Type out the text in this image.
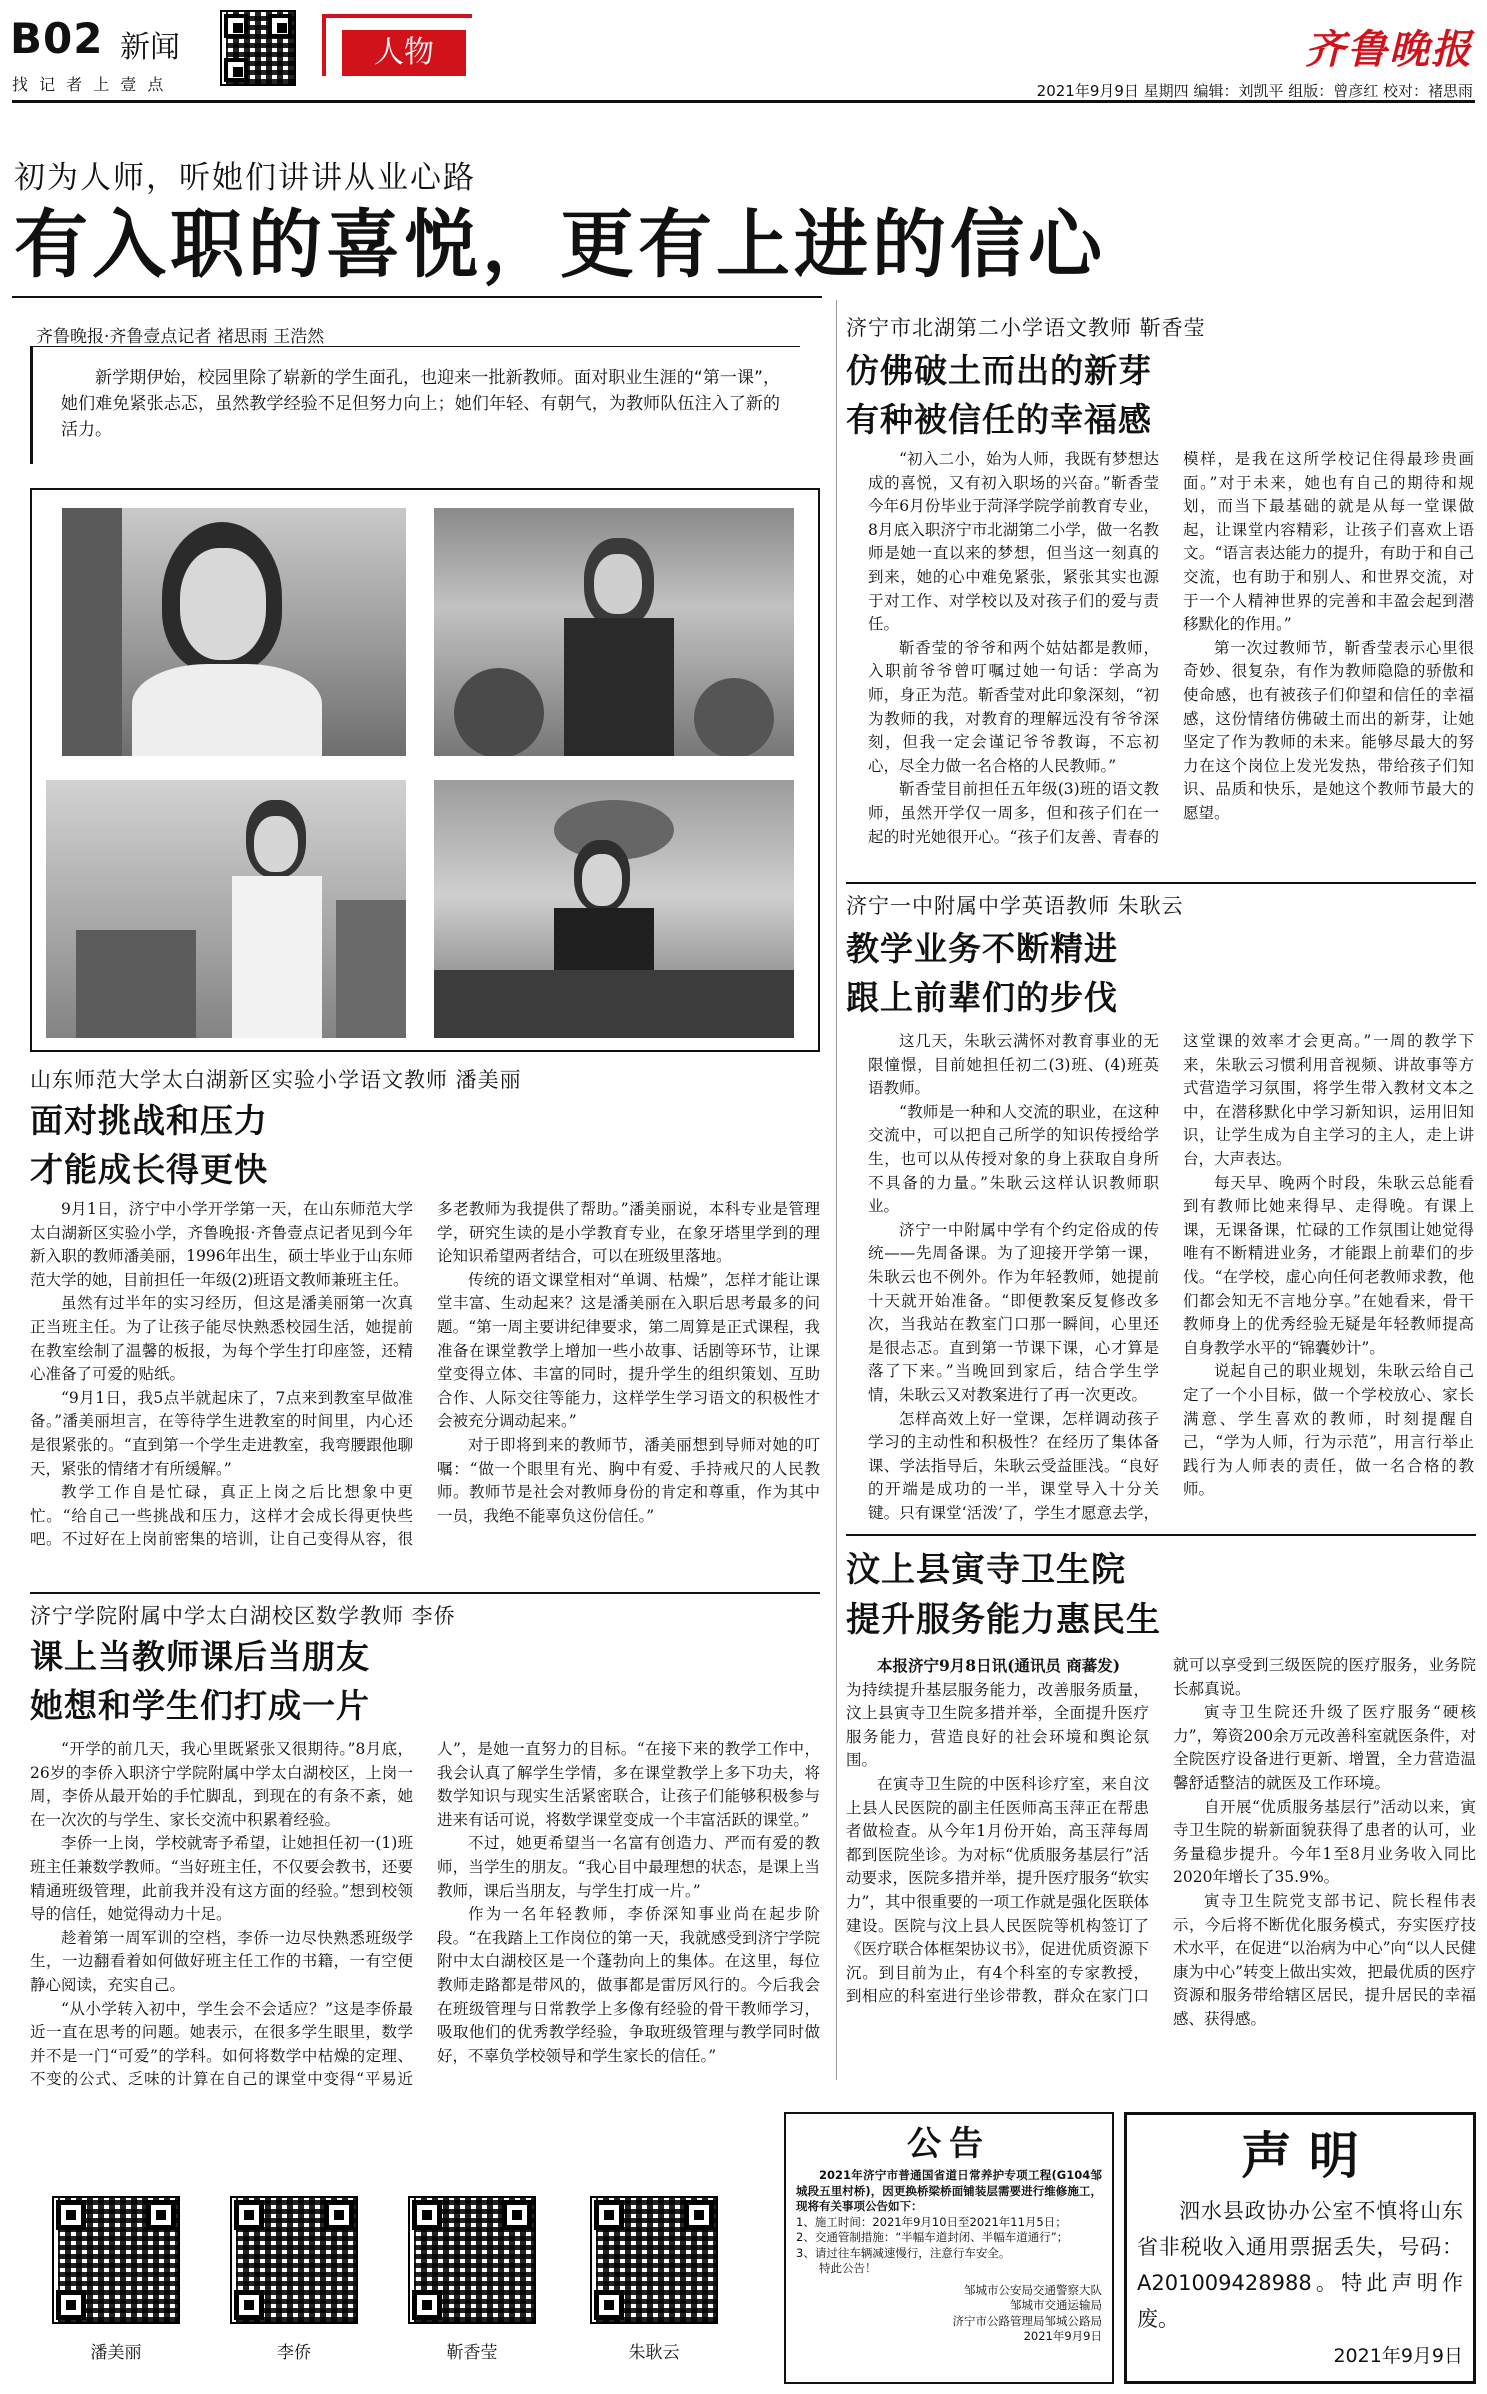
B02 新闻
找 记 者 上 壹 点
人物	齐鲁晚报
2021年9月9日 星期四 编辑：刘凯平 组版：曾彦红 校对：褚思雨
初为人师，听她们讲讲从业心路
有入职的喜悦，更有上进的信心
齐鲁晚报·齐鲁壹点记者 褚思雨 王浩然
新学期伊始，校园里除了崭新的学生面孔，也迎来一批新教师。面对职业生涯的“第一课”，她们难免紧张忐忑，虽然教学经验不足但努力向上；她们年轻、有朝气，为教师队伍注入了新的活力。
山东师范大学太白湖新区实验小学语文教师 潘美丽
面对挑战和压力
才能成长得更快

9月1日，济宁中小学开学第一天，在山东师范大学太白湖新区实验小学，齐鲁晚报·齐鲁壹点记者见到今年新入职的教师潘美丽，1996年出生，硕士毕业于山东师范大学的她，目前担任一年级(2)班语文教师兼班主任。

虽然有过半年的实习经历，但这是潘美丽第一次真正当班主任。为了让孩子能尽快熟悉校园生活，她提前在教室绘制了温馨的板报，为每个学生打印座签，还精心准备了可爱的贴纸。

“9月1日，我5点半就起床了，7点来到教室早做准备。”潘美丽坦言，在等待学生进教室的时间里，内心还是很紧张的。“直到第一个学生走进教室，我弯腰跟他聊天，紧张的情绪才有所缓解。”

教学工作自是忙碌，真正上岗之后比想象中更忙。“给自己一些挑战和压力，这样才会成长得更快些吧。不过好在上岗前密集的培训，让自己变得从容，很多老教师为我提供了帮助。”潘美丽说，本科专业是管理学，研究生读的是小学教育专业，在象牙塔里学到的理论知识希望两者结合，可以在班级里落地。

传统的语文课堂相对“单调、枯燥”，怎样才能让课堂丰富、生动起来？这是潘美丽在入职后思考最多的问题。“第一周主要讲纪律要求，第二周算是正式课程，我准备在课堂教学上增加一些小故事、话剧等环节，让课堂变得立体、丰富的同时，提升学生的组织策划、互助合作、人际交往等能力，这样学生学习语文的积极性才会被充分调动起来。”

对于即将到来的教师节，潘美丽想到导师对她的叮嘱：“做一个眼里有光、胸中有爱、手持戒尺的人民教师。教师节是社会对教师身份的肯定和尊重，作为其中一员，我绝不能辜负这份信任。”

济宁学院附属中学太白湖校区数学教师 李侨
课上当教师课后当朋友
她想和学生们打成一片

“开学的前几天，我心里既紧张又很期待。”8月底，26岁的李侨入职济宁学院附属中学太白湖校区，上岗一周，李侨从最开始的手忙脚乱，到现在的有条不紊，她在一次次的与学生、家长交流中积累着经验。

李侨一上岗，学校就寄予希望，让她担任初一(1)班班主任兼数学教师。“当好班主任，不仅要会教书，还要精通班级管理，此前我并没有这方面的经验。”想到校领导的信任，她觉得动力十足。

趁着第一周军训的空档，李侨一边尽快熟悉班级学生，一边翻看着如何做好班主任工作的书籍，一有空便静心阅读，充实自己。

“从小学转入初中，学生会不会适应？”这是李侨最近一直在思考的问题。她表示，在很多学生眼里，数学并不是一门“可爱”的学科。如何将数学中枯燥的定理、不变的公式、乏味的计算在自己的课堂中变得“平易近人”，是她一直努力的目标。“在接下来的教学工作中，我会认真了解学生学情，多在课堂教学上多下功夫，将数学知识与现实生活紧密联合，让孩子们能够积极参与进来有话可说，将数学课堂变成一个丰富活跃的课堂。”

不过，她更希望当一名富有创造力、严而有爱的教师，当学生的朋友。“我心目中最理想的状态，是课上当教师，课后当朋友，与学生打成一片。”

作为一名年轻教师，李侨深知事业尚在起步阶段。“在我踏上工作岗位的第一天，我就感受到济宁学院附中太白湖校区是一个蓬勃向上的集体。在这里，每位教师走路都是带风的，做事都是雷厉风行的。今后我会在班级管理与日常教学上多像有经验的骨干教师学习，吸取他们的优秀教学经验，争取班级管理与教学同时做好，不辜负学校领导和学生家长的信任。”

济宁市北湖第二小学语文教师 靳香莹
仿佛破土而出的新芽
有种被信任的幸福感

“初入二小，始为人师，我既有梦想达成的喜悦，又有初入职场的兴奋。”靳香莹今年6月份毕业于菏泽学院学前教育专业，8月底入职济宁市北湖第二小学，做一名教师是她一直以来的梦想，但当这一刻真的到来，她的心中难免紧张，紧张其实也源于对工作、对学校以及对孩子们的爱与责任。

靳香莹的爷爷和两个姑姑都是教师，入职前爷爷曾叮嘱过她一句话：学高为师，身正为范。靳香莹对此印象深刻，“初为教师的我，对教育的理解远没有爷爷深刻，但我一定会谨记爷爷教诲，不忘初心，尽全力做一名合格的人民教师。”

靳香莹目前担任五年级(3)班的语文教师，虽然开学仅一周多，但和孩子们在一起的时光她很开心。“孩子们友善、青春的模样，是我在这所学校记住得最珍贵画面。”对于未来，她也有自己的期待和规划，而当下最基础的就是从每一堂课做起，让课堂内容精彩，让孩子们喜欢上语文。“语言表达能力的提升，有助于和自己交流，也有助于和别人、和世界交流，对于一个人精神世界的完善和丰盈会起到潜移默化的作用。”

第一次过教师节，靳香莹表示心里很奇妙、很复杂，有作为教师隐隐的骄傲和使命感，也有被孩子们仰望和信任的幸福感，这份情绪仿佛破土而出的新芽，让她坚定了作为教师的未来。能够尽最大的努力在这个岗位上发光发热，带给孩子们知识、品质和快乐，是她这个教师节最大的愿望。

济宁一中附属中学英语教师 朱耿云
教学业务不断精进
跟上前辈们的步伐

这几天，朱耿云满怀对教育事业的无限憧憬，目前她担任初二(3)班、(4)班英语教师。

“教师是一种和人交流的职业，在这种交流中，可以把自己所学的知识传授给学生，也可以从传授对象的身上获取自身所不具备的力量。”朱耿云这样认识教师职业。

济宁一中附属中学有个约定俗成的传统——先周备课。为了迎接开学第一课，朱耿云也不例外。作为年轻教师，她提前十天就开始准备。“即便教案反复修改多次，当我站在教室门口那一瞬间，心里还是很忐忑。直到第一节课下课，心才算是落了下来。”当晚回到家后，结合学生学情，朱耿云又对教案进行了再一次更改。

怎样高效上好一堂课，怎样调动孩子学习的主动性和积极性？在经历了集体备课、学法指导后，朱耿云受益匪浅。“良好的开端是成功的一半，课堂导入十分关键。只有课堂‘活泼’了，学生才愿意去学，这堂课的效率才会更高。”一周的教学下来，朱耿云习惯利用音视频、讲故事等方式营造学习氛围，将学生带入教材文本之中，在潜移默化中学习新知识，运用旧知识，让学生成为自主学习的主人，走上讲台，大声表达。

每天早、晚两个时段，朱耿云总能看到有教师比她来得早、走得晚。有课上课，无课备课，忙碌的工作氛围让她觉得唯有不断精进业务，才能跟上前辈们的步伐。“在学校，虚心向任何老教师求教，他们都会知无不言地分享。”在她看来，骨干教师身上的优秀经验无疑是年轻教师提高自身教学水平的“锦囊妙计”。

说起自己的职业规划，朱耿云给自己定了一个小目标，做一个学校放心、家长满意、学生喜欢的教师，时刻提醒自己，“学为人师，行为示范”，用言行举止践行为人师表的责任，做一名合格的教师。

汶上县寅寺卫生院
提升服务能力惠民生

本报济宁9月8日讯(通讯员 商蕃发)

为持续提升基层服务能力，改善服务质量，汶上县寅寺卫生院多措并举，全面提升医疗服务能力，营造良好的社会环境和舆论氛围。

在寅寺卫生院的中医科诊疗室，来自汶上县人民医院的副主任医师高玉萍正在帮患者做检查。从今年1月份开始，高玉萍每周都到医院坐诊。为对标“优质服务基层行”活动要求，医院多措并举，提升医疗服务“软实力”，其中很重要的一项工作就是强化医联体建设。医院与汶上县人民医院等机构签订了《医疗联合体框架协议书》，促进优质资源下沉。到目前为止，有4个科室的专家教授，到相应的科室进行坐诊带教，群众在家门口就可以享受到三级医院的医疗服务，业务院长郝真说。

寅寺卫生院还升级了医疗服务“硬核力”，筹资200余万元改善科室就医条件，对全院医疗设备进行更新、增置，全力营造温馨舒适整洁的就医及工作环境。

自开展“优质服务基层行”活动以来，寅寺卫生院的崭新面貌获得了患者的认可，业务量稳步提升。今年1至8月业务收入同比2020年增长了35.9%。

寅寺卫生院党支部书记、院长程伟表示，今后将不断优化服务模式，夯实医疗技术水平，在促进“以治病为中心”向“以人民健康为中心”转变上做出实效，把最优质的医疗资源和服务带给辖区居民，提升居民的幸福感、获得感。

潘美丽	李侨	靳香莹	朱耿云
公告
2021年济宁市普通国省道日常养护专项工程(G104邹城段五里村桥)，因更换桥梁桥面铺装层需要进行维修施工，现将有关事项公告如下：
1、施工时间：2021年9月10日至2021年11月5日；
2、交通管制措施：“半幅车道封闭、半幅车道通行”；
3、请过往车辆减速慢行，注意行车安全。
特此公告！
邹城市公安局交通警察大队
邹城市交通运输局
济宁市公路管理局邹城公路局
2021年9月9日
声 明
泗水县政协办公室不慎将山东省非税收入通用票据丢失，号码：A201009428988。特此声明作废。
2021年9月9日
